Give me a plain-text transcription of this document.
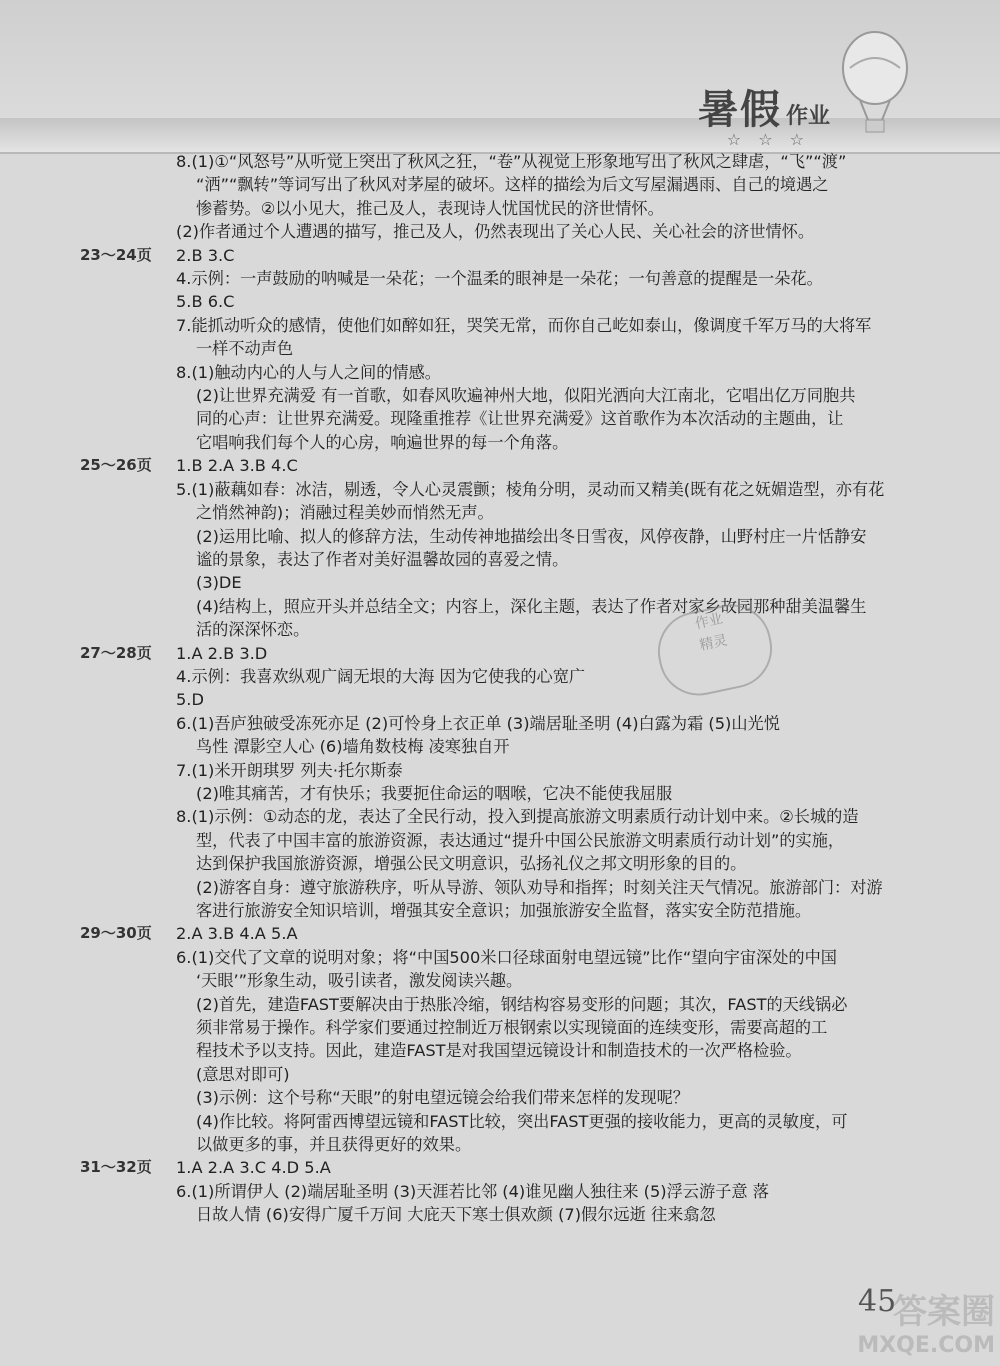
暑假 作业
☆ ☆ ☆
8.(1)①“风怒号”从听觉上突出了秋风之狂，“卷”从视觉上形象地写出了秋风之肆虐，“飞”“渡”
“洒”“飘转”等词写出了秋风对茅屋的破坏。这样的描绘为后文写屋漏遇雨、自己的境遇之
惨蓄势。②以小见大，推己及人，表现诗人忧国忧民的济世情怀。
(2)作者通过个人遭遇的描写，推己及人，仍然表现出了关心人民、关心社会的济世情怀。
23～24页	2.B 3.C
4.示例：一声鼓励的呐喊是一朵花；一个温柔的眼神是一朵花；一句善意的提醒是一朵花。
5.B 6.C
7.能抓动听众的感情，使他们如醉如狂，哭笑无常，而你自己屹如泰山，像调度千军万马的大将军
一样不动声色
8.(1)触动内心的人与人之间的情感。
(2)让世界充满爱 有一首歌，如春风吹遍神州大地，似阳光洒向大江南北，它唱出亿万同胞共
同的心声：让世界充满爱。现隆重推荐《让世界充满爱》这首歌作为本次活动的主题曲，让
它唱响我们每个人的心房，响遍世界的每一个角落。
25～26页	1.B 2.A 3.B 4.C
5.(1)蔽藕如春：冰洁，剔透，令人心灵震颤；棱角分明，灵动而又精美(既有花之妩媚造型，亦有花
之悄然神韵)；消融过程美妙而悄然无声。
(2)运用比喻、拟人的修辞方法，生动传神地描绘出冬日雪夜，风停夜静，山野村庄一片恬静安
谧的景象，表达了作者对美好温馨故园的喜爱之情。
(3)DE
(4)结构上，照应开头并总结全文；内容上，深化主题，表达了作者对家乡故园那种甜美温馨生
活的深深怀恋。
27～28页	1.A 2.B 3.D
4.示例：我喜欢纵观广阔无垠的大海 因为它使我的心宽广
5.D
6.(1)吾庐独破受冻死亦足 (2)可怜身上衣正单 (3)端居耻圣明 (4)白露为霜 (5)山光悦
鸟性 潭影空人心 (6)墙角数枝梅 凌寒独自开
7.(1)米开朗琪罗 列夫·托尔斯泰
(2)唯其痛苦，才有快乐；我要扼住命运的咽喉，它决不能使我屈服
8.(1)示例：①动态的龙，表达了全民行动，投入到提高旅游文明素质行动计划中来。②长城的造
型，代表了中国丰富的旅游资源，表达通过“提升中国公民旅游文明素质行动计划”的实施，
达到保护我国旅游资源，增强公民文明意识，弘扬礼仪之邦文明形象的目的。
(2)游客自身：遵守旅游秩序，听从导游、领队劝导和指挥；时刻关注天气情况。旅游部门：对游
客进行旅游安全知识培训，增强其安全意识；加强旅游安全监督，落实安全防范措施。
29～30页	2.A 3.B 4.A 5.A
6.(1)交代了文章的说明对象；将“中国500米口径球面射电望远镜”比作“望向宇宙深处的中国
‘天眼’”形象生动，吸引读者，激发阅读兴趣。
(2)首先，建造FAST要解决由于热胀冷缩，钢结构容易变形的问题；其次，FAST的天线锅必
须非常易于操作。科学家们要通过控制近万根钢索以实现镜面的连续变形，需要高超的工
程技术予以支持。因此，建造FAST是对我国望远镜设计和制造技术的一次严格检验。
(意思对即可)
(3)示例：这个号称“天眼”的射电望远镜会给我们带来怎样的发现呢？
(4)作比较。将阿雷西博望远镜和FAST比较，突出FAST更强的接收能力，更高的灵敏度，可
以做更多的事，并且获得更好的效果。
31～32页	1.A 2.A 3.C 4.D 5.A
6.(1)所谓伊人 (2)端居耻圣明 (3)天涯若比邻 (4)谁见幽人独往来 (5)浮云游子意 落
日故人情 (6)安得广厦千万间 大庇天下寒士俱欢颜 (7)假尔远逝 往来翕忽
作业
精灵
45
答案圈
MXQE.COM
